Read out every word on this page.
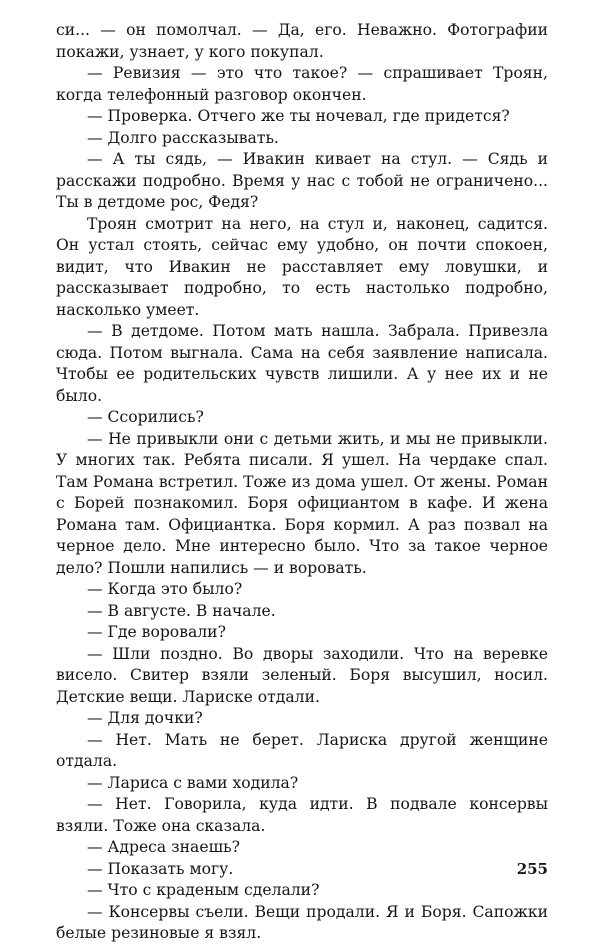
си... — он помолчал. — Да, его. Неважно. Фотографии покажи, узнает, у кого покупал.

— Ревизия — это что такое? — спрашивает Троян, когда телефонный разговор окончен.

— Проверка. Отчего же ты ночевал, где придется?

— Долго рассказывать.

— А ты сядь, — Ивакин кивает на стул. — Сядь и расскажи подробно. Время у нас с тобой не ограничено... Ты в детдоме рос, Федя?

Троян смотрит на него, на стул и, наконец, садится. Он устал стоять, сейчас ему удобно, он почти спокоен, видит, что Ивакин не расставляет ему ловушки, и рассказывает подробно, то есть настолько подробно, насколько умеет.

— В детдоме. Потом мать нашла. Забрала. Привезла сюда. Потом выгнала. Сама на себя заявление написала. Чтобы ее родительских чувств лишили. А у нее их и не было.

— Ссорились?

— Не привыкли они с детьми жить, и мы не привыкли. У многих так. Ребята писали. Я ушел. На чердаке спал. Там Романа встретил. Тоже из дома ушел. От жены. Роман с Борей познакомил. Боря официантом в кафе. И жена Романа там. Официантка. Боря кормил. А раз позвал на черное дело. Мне интересно было. Что за такое черное дело? Пошли напились — и воровать.

— Когда это было?

— В августе. В начале.

— Где воровали?

— Шли поздно. Во дворы заходили. Что на веревке висело. Свитер взяли зеленый. Боря высушил, носил. Детские вещи. Лариске отдали.

— Для дочки?

— Нет. Мать не берет. Лариска другой женщине отдала.

— Лариса с вами ходила?

— Нет. Говорила, куда идти. В подвале консервы взяли. Тоже она сказала.

— Адреса знаешь?

— Показать могу.

— Что с краденым сделали?

— Консервы съели. Вещи продали. Я и Боря. Сапожки белые резиновые я взял.

255
